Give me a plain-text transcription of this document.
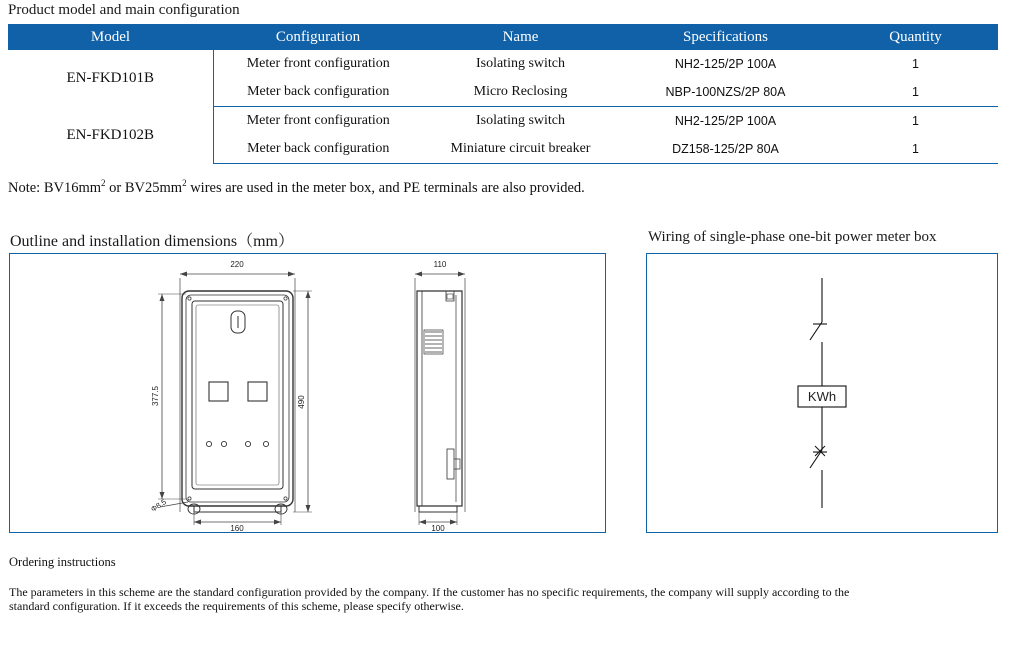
Product model and main configuration
Model	Configuration	Name	Specifications	Quantity
EN-FKD101B	Meter front configuration	Isolating switch	NH2-125/2P 100A	1
	Meter back configuration	Micro Reclosing	NBP-100NZS/2P 80A	1
EN-FKD102B	Meter front configuration	Isolating switch	NH2-125/2P 100A	1
	Meter back configuration	Miniature circuit breaker	DZ158-125/2P 80A	1
Note: $BV16mm^2$ or $BV25mm^2$ wires are used in the meter box, and PE terminals are also provided.
Outline and installation dimensions（mm）	Wiring of single-phase one-bit power meter box
220
377.5	490
160
Φ8.5
110
100
KWh
Ordering instructions
The parameters in this scheme are the standard configuration provided by the company. If the customer has no specific requirements, the company will supply according to the standard configuration. If it exceeds the requirements of this scheme, please specify otherwise.
